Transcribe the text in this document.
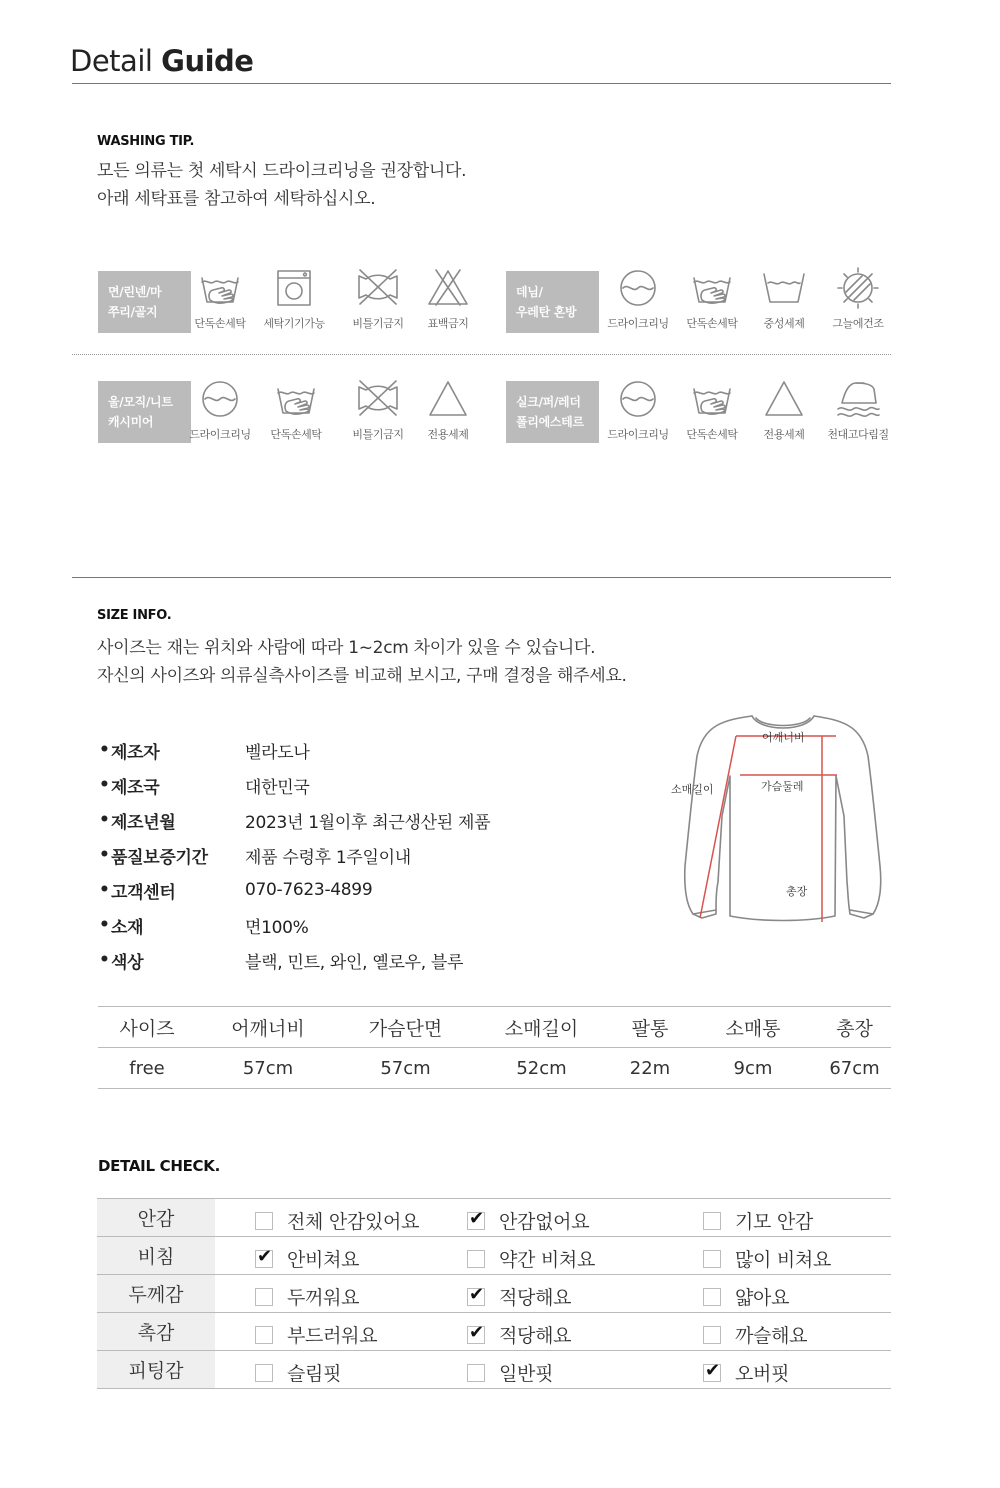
Detail Guide
WASHING TIP.
모든 의류는 첫 세탁시 드라이크리닝을 권장합니다.
아래 세탁표를 참고하여 세탁하십시오.
면/린넨/마
쭈리/골지
단독손세탁	세탁기기가능	비틀기금지	표백금지
데님/
우레탄 혼방
드라이크리닝	단독손세탁	중성세제	그늘에건조
울/모직/니트
캐시미어
드라이크리닝	단독손세탁	비틀기금지	전용세제
실크/퍼/레더
폴리에스테르
드라이크리닝	단독손세탁	전용세제	천대고다림질
SIZE INFO.
사이즈는 재는 위치와 사람에 따라 1~2cm 차이가 있을 수 있습니다.
자신의 사이즈와 의류실측사이즈를 비교해 보시고, 구매 결정을 해주세요.
• 제조자	벨라도나
• 제조국	대한민국
• 제조년월	2023년 1월이후 최근생산된 제품
• 품질보증기간	제품 수령후 1주일이내
• 고객센터	070-7623-4899
• 소재	면100%
• 색상	블랙, 민트, 와인, 옐로우, 블루
어깨너비
가슴둘레
소매길이
총장
사이즈	어깨너비	가슴단면	소매길이	팔통	소매통	총장
free	57cm	57cm	52cm	22m	9cm	67cm
DETAIL CHECK.
안감	전체 안감있어요	✔ 안감없어요	기모 안감
비침	✔ 안비쳐요	약간 비쳐요	많이 비쳐요
두께감	두꺼워요	✔ 적당해요	얇아요
촉감	부드러워요	✔ 적당해요	까슬해요
피팅감	슬림핏	일반핏	✔ 오버핏
